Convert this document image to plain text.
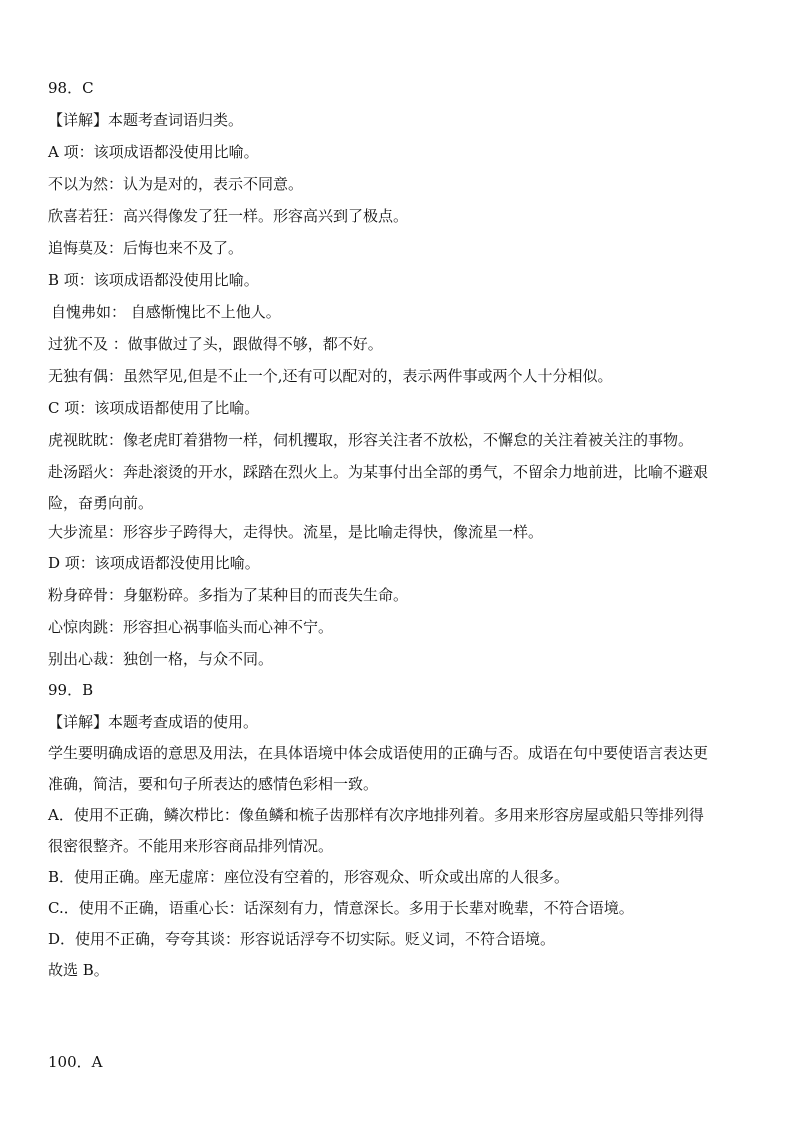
98．C
【详解】本题考查词语归类。
A 项：该项成语都没使用比喻。
不以为然：认为是对的，表示不同意。
欣喜若狂：高兴得像发了狂一样。形容高兴到了极点。
追悔莫及：后悔也来不及了。
B 项：该项成语都没使用比喻。
自愧弗如： 自感惭愧比不上他人。
过犹不及 ：做事做过了头，跟做得不够，都不好。
无独有偶：虽然罕见,但是不止一个,还有可以配对的，表示两件事或两个人十分相似。
C 项：该项成语都使用了比喻。
虎视眈眈：像老虎盯着猎物一样，伺机攫取，形容关注者不放松，不懈怠的关注着被关注的事物。
赴汤蹈火：奔赴滚烫的开水，踩踏在烈火上。为某事付出全部的勇气，不留余力地前进，比喻不避艰
险，奋勇向前。
大步流星：形容步子跨得大，走得快。流星，是比喻走得快，像流星一样。
D 项：该项成语都没使用比喻。
粉身碎骨：身躯粉碎。多指为了某种目的而丧失生命。
心惊肉跳：形容担心祸事临头而心神不宁。
别出心裁：独创一格，与众不同。
99．B
【详解】本题考查成语的使用。
学生要明确成语的意思及用法，在具体语境中体会成语使用的正确与否。成语在句中要使语言表达更
准确，简洁，要和句子所表达的感情色彩相一致。
A．使用不正确，鳞次栉比：像鱼鳞和梳子齿那样有次序地排列着。多用来形容房屋或船只等排列得
很密很整齐。不能用来形容商品排列情况。
B．使用正确。座无虚席：座位没有空着的，形容观众、听众或出席的人很多。
C.．使用不正确，语重心长：话深刻有力，情意深长。多用于长辈对晚辈，不符合语境。
D．使用不正确，夸夸其谈：形容说话浮夸不切实际。贬义词，不符合语境。
故选 B。
100．A
